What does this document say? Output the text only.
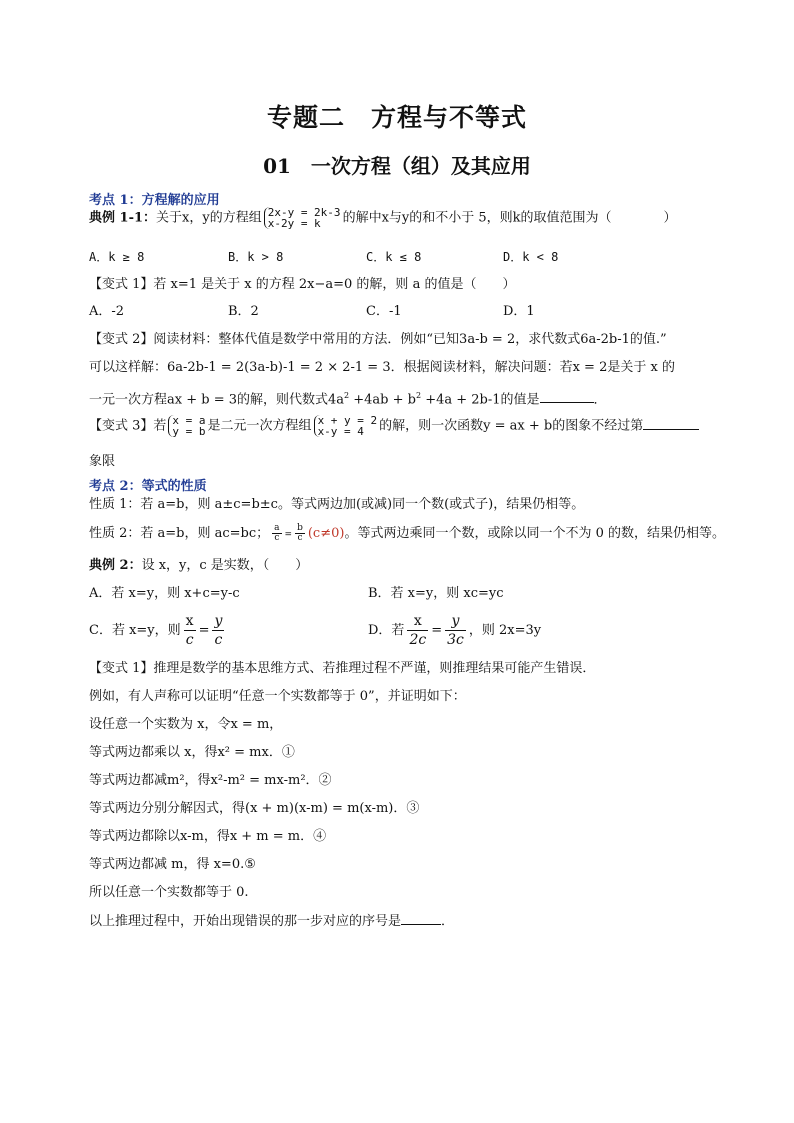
专题二　方程与不等式
01　一次方程（组）及其应用
考点 1：方程解的应用
典例 1-1：关于x，y的方程组 2x-y = 2k-3
x-2y = k	的解中x与y的和不小于 5，则k的取值范围为（　　　　）
A．k ≥ 8	B．k > 8	C．k ≤ 8	D．k < 8
【变式 1】若 x=1 是关于 x 的方程 2x−a=0 的解，则 a 的值是（　　）
A．-2	B．2	C．-1	D．1
【变式 2】阅读材料：整体代值是数学中常用的方法．例如“已知3a-b = 2，求代数式6a-2b-1的值.”
可以这样解：6a-2b-1 = 2(3a-b)-1 = 2 × 2-1 = 3．根据阅读材料，解决问题：若x = 2是关于 x 的
一元一次方程ax + b = 3的解，则代数式$4a^2 +4ab + b^2 +4a + 2b-1$的值是	．
【变式 3】若 x = a
y = b 是二元一次方程组 x + y = 2
x-y = 4	的解，则一次函数y = ax + b的图象不经过第
象限
考点 2：等式的性质
性质 1：若 a=b，则 a±c=b±c。等式两边加(或减)同一个数(或式子)，结果仍相等。
性质 2：若 a=b，则 ac=bc； $\frac{a}{c} = \frac{b}{c} (c\ne 0)$。等式两边乘同一个数，或除以同一个不为 0 的数，结果仍相等。
典例 2：设 x，y，c 是实数，（　　）
A．若 x=y，则 x+c=y-c	B．若 x=y，则 xc=yc
C．若 x=y，则 $\frac{x}{c} = \frac{y}{c}$	D．若 $\frac{x}{2c} = \frac{y}{3c}$ ，则 2x=3y
【变式 1】推理是数学的基本思维方式、若推理过程不严谨，则推理结果可能产生错误．
例如，有人声称可以证明“任意一个实数都等于 0”，并证明如下：
设任意一个实数为 x，令x = m，
等式两边都乘以 x，得x² = mx．①
等式两边都减m²，得x²-m² = mx-m²．②
等式两边分别分解因式，得(x + m)(x-m) = m(x-m)．③
等式两边都除以x-m，得x + m = m．④
等式两边都减 m，得 x=0.⑤
所以任意一个实数都等于 0.
以上推理过程中，开始出现错误的那一步对应的序号是	．
